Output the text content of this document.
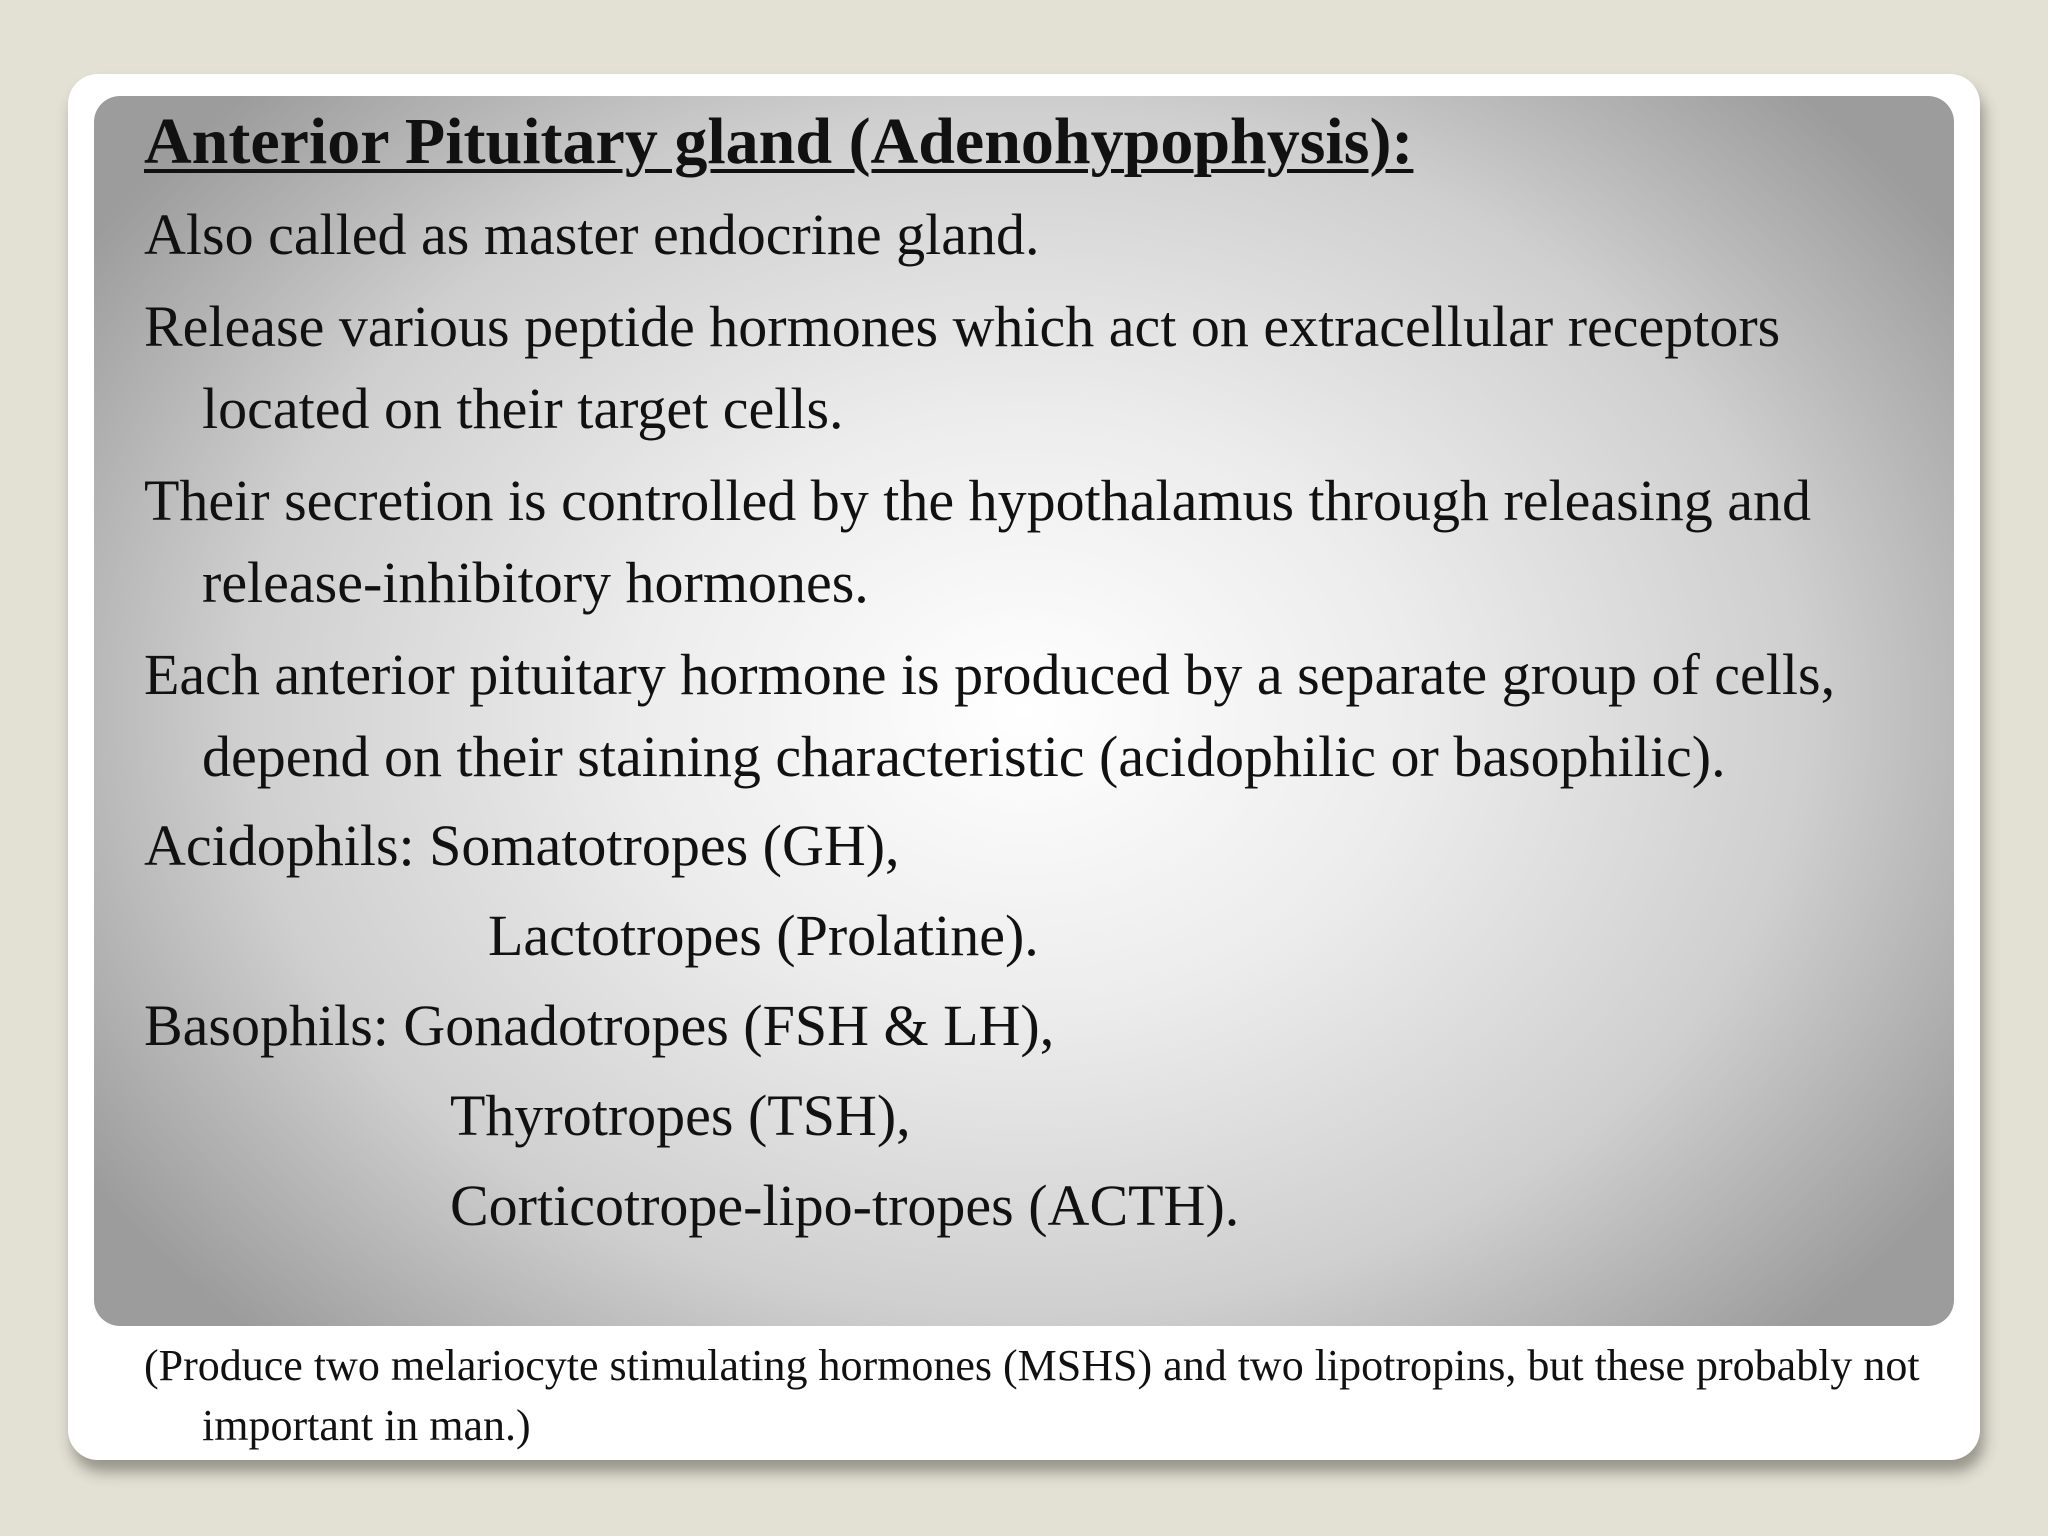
Anterior Pituitary gland (Adenohypophysis):
Also called as master endocrine gland.
Release various peptide hormones which act on extracellular receptors located on their target cells.
Their secretion is controlled by the hypothalamus through releasing and release-inhibitory hormones.
Each anterior pituitary hormone is produced by a separate group of cells, depend on their staining characteristic (acidophilic or basophilic).
Acidophils: Somatotropes (GH),
Lactotropes (Prolatine).
Basophils: Gonadotropes (FSH & LH),
Thyrotropes (TSH),
Corticotrope-lipo-tropes (ACTH).
(Produce two melariocyte stimulating hormones (MSHS) and two lipotropins, but these probably not important in man.)
